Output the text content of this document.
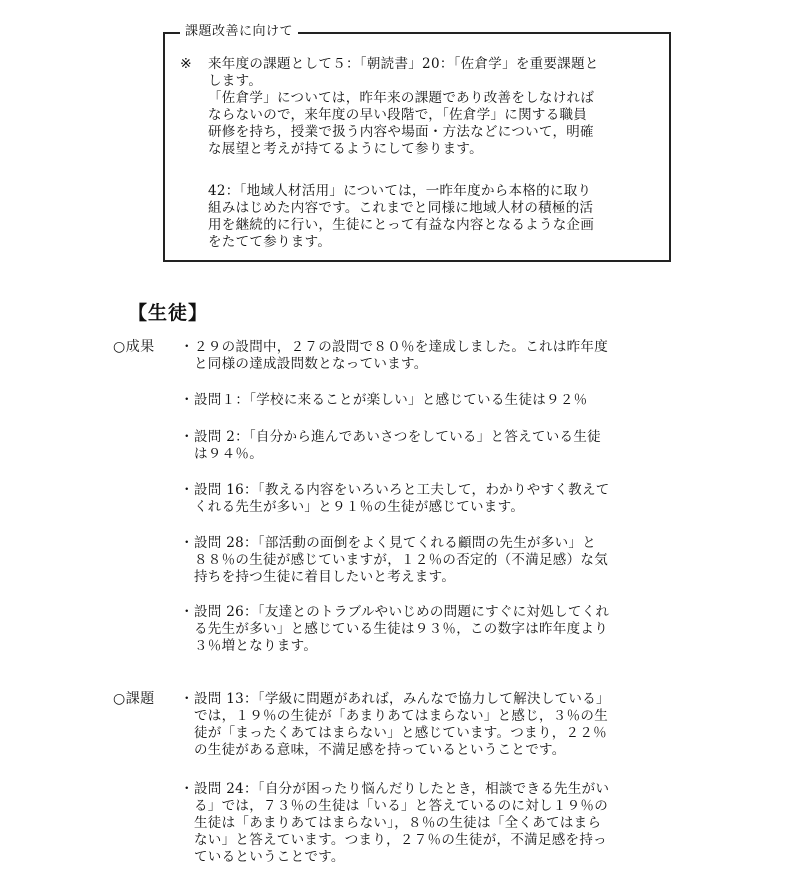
課題改善に向けて
※ 来年度の課題として５：「朝読書」20：「佐倉学」を重要課題と
します。
「佐倉学」については，昨年来の課題であり改善をしなければ
ならないので，来年度の早い段階で，「佐倉学」に関する職員
研修を持ち，授業で扱う内容や場面・方法などについて，明確
な展望と考えが持てるようにして参ります。

42：「地域人材活用」については，一昨年度から本格的に取り
組みはじめた内容です。これまでと同様に地域人材の積極的活
用を継続的に行い，生徒にとって有益な内容となるような企画
をたてて参ります。

【生徒】
○成果 ・ ２９の設問中，２７の設問で８０％を達成しました。これは昨年度
と同様の達成設問数となっています。

・ 設問１：「学校に来ることが楽しい」と感じている生徒は９２％

・ 設問 2：「自分から進んであいさつをしている」と答えている生徒
は９４％。

・ 設問 16：「教える内容をいろいろと工夫して，わかりやすく教えて
くれる先生が多い」と９１％の生徒が感じています。

・ 設問 28：「部活動の面倒をよく見てくれる顧問の先生が多い」と
８８％の生徒が感じていますが，１２％の否定的（不満足感）な気
持ちを持つ生徒に着目したいと考えます。

・ 設問 26：「友達とのトラブルやいじめの問題にすぐに対処してくれ
る先生が多い」と感じている生徒は９３％，この数字は昨年度より
３％増となります。

○課題 ・ 設問 13：「学級に問題があれば，みんなで協力して解決している」
では，１９％の生徒が「あまりあてはまらない」と感じ，３％の生
徒が「まったくあてはまらない」と感じています。つまり，２２％
の生徒がある意味，不満足感を持っているということです。

・ 設問 24：「自分が困ったり悩んだりしたとき，相談できる先生がい
る」では，７３％の生徒は「いる」と答えているのに対し１９％の
生徒は「あまりあてはまらない」，８％の生徒は「全くあてはまら
ない」と答えています。つまり，２７％の生徒が，不満足感を持っ
ているということです。
